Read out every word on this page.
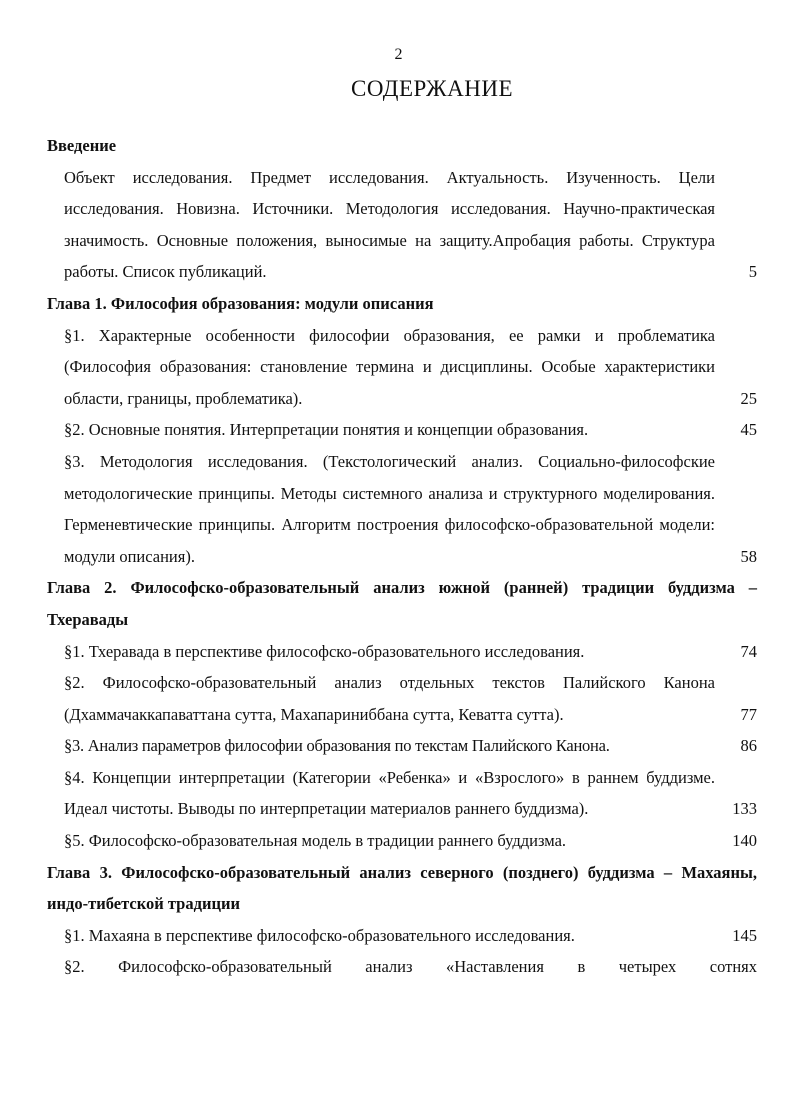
2
СОДЕРЖАНИЕ
Введение
Объект исследования. Предмет исследования. Актуальность. Изученность. Цели исследования. Новизна. Источники. Методология исследования. Научно-практическая значимость. Основные положения, выносимые на защиту.Апробация работы. Структура работы. Список публикаций.	5
Глава 1. Философия образования: модули описания
§1. Характерные особенности философии образования, ее рамки и проблематика (Философия образования: становление термина и дисциплины. Особые характеристики области, границы, проблематика).	25
§2. Основные понятия. Интерпретации понятия и концепции образования.	45
§3. Методология исследования. (Текстологический анализ. Социально-философские методологические принципы. Методы системного анализа и структурного моделирования. Герменевтические принципы. Алгоритм построения философско-образовательной модели: модули описания).	58
Глава 2. Философско-образовательный анализ южной (ранней) традиции буддизма – Тхеравады
§1. Тхеравада в перспективе философско-образовательного исследования.	74
§2. Философско-образовательный анализ отдельных текстов Палийского Канона (Дхаммачаккапаваттана сутта, Махапариниббана сутта, Кеватта сутта).	77
§3. Анализ параметров философии образования по текстам Палийского Канона.	86
§4. Концепции интерпретации (Категории «Ребенка» и «Взрослого» в раннем буддизме. Идеал чистоты. Выводы по интерпретации материалов раннего буддизма).	133
§5. Философско-образовательная модель в традиции раннего буддизма.	140
Глава 3. Философско-образовательный анализ северного (позднего) буддизма – Махаяны, индо-тибетской традиции
§1. Махаяна в перспективе философско-образовательного исследования.	145
§2. Философско-образовательный анализ «Наставления в четырех сотнях
